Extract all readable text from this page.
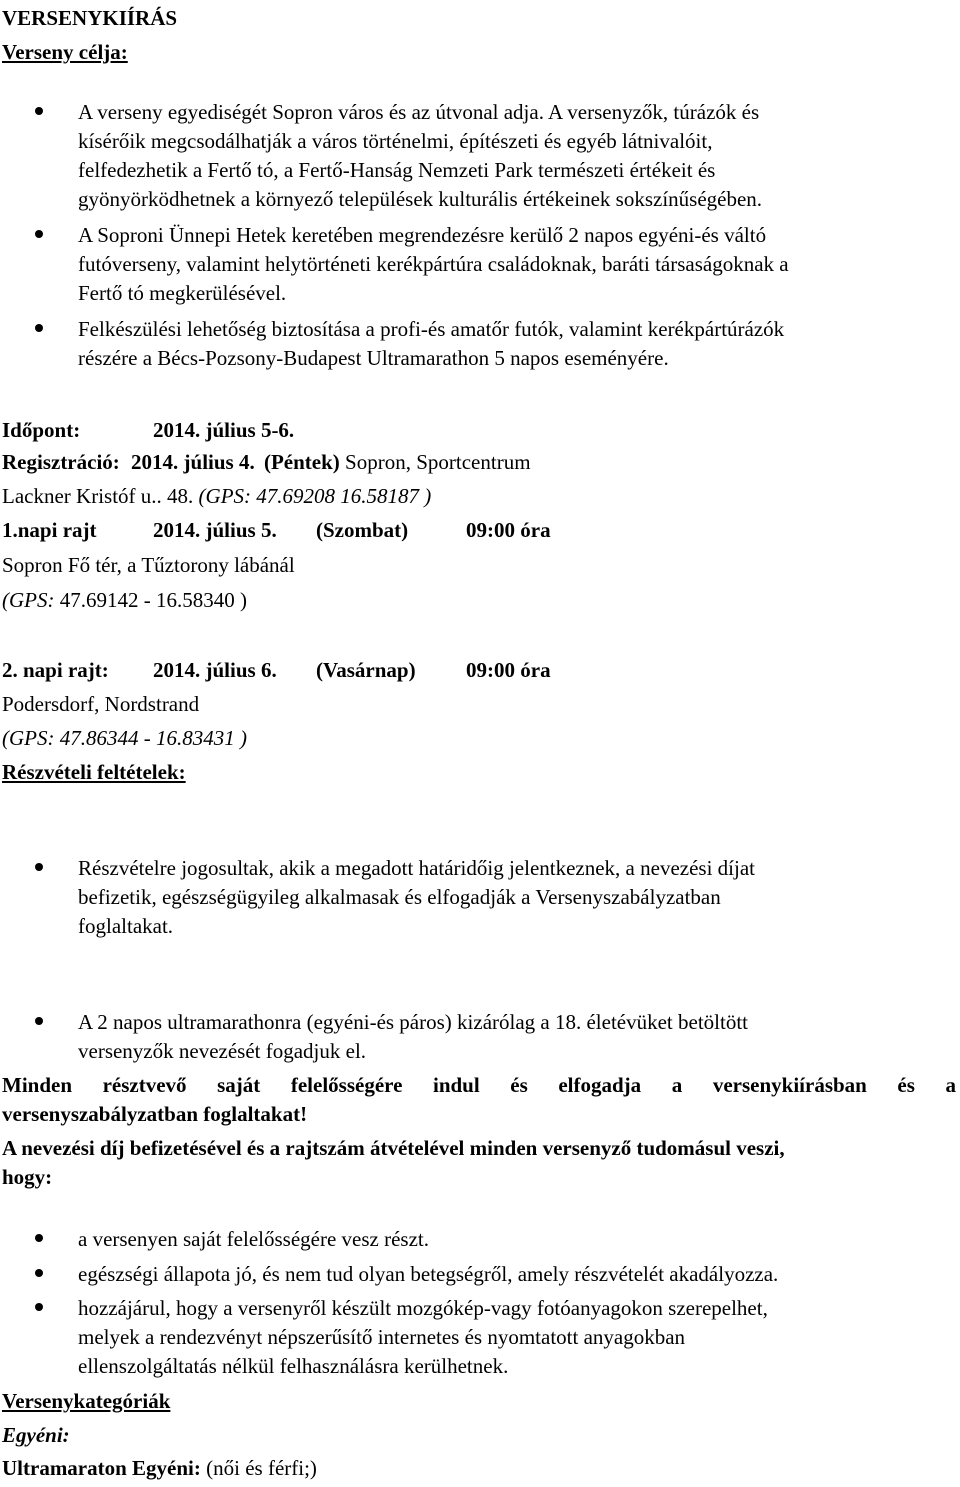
VERSENYKIÍRÁS
Verseny célja:
A verseny egyediségét Sopron város és az útvonal adja. A versenyzők, túrázók és
kísérőik megcsodálhatják a város történelmi, építészeti és egyéb látnivalóit,
felfedezhetik a Fertő tó, a Fertő-Hanság Nemzeti Park természeti értékeit és
gyönyörködhetnek a környező települések kulturális értékeinek sokszínűségében.
A Soproni Ünnepi Hetek keretében megrendezésre kerülő 2 napos egyéni-és váltó
futóverseny, valamint helytörténeti kerékpártúra családoknak, baráti társaságoknak a
Fertő tó megkerülésével.
Felkészülési lehetőség biztosítása a profi-és amatőr futók, valamint kerékpártúrázók
részére a Bécs-Pozsony-Budapest Ultramarathon 5 napos eseményére.
Időpont:	2014. július 5-6.
Regisztráció: 2014. július 4. (Péntek) Sopron, Sportcentrum
Lackner Kristóf u.. 48. (GPS: 47.69208 16.58187 )
1.napi rajt	2014. július 5. (Szombat)	09:00 óra
Sopron Fő tér, a Tűztorony lábánál
(GPS: 47.69142 - 16.58340 )
2. napi rajt: 2014. július 6. (Vasárnap) 09:00 óra
Podersdorf, Nordstrand
(GPS: 47.86344 - 16.83431 )
Részvételi feltételek:
Részvételre jogosultak, akik a megadott határidőig jelentkeznek, a nevezési díjat
befizetik, egészségügyileg alkalmasak és elfogadják a Versenyszabályzatban
foglaltakat.
A 2 napos ultramarathonra (egyéni-és páros) kizárólag a 18. életévüket betöltött
versenyzők nevezését fogadjuk el.
Minden résztvevő saját felelősségére indul és elfogadja a versenykiírásban és a
versenyszabályzatban foglaltakat!
A nevezési díj befizetésével és a rajtszám átvételével minden versenyző tudomásul veszi,
hogy:
a versenyen saját felelősségére vesz részt.
egészségi állapota jó, és nem tud olyan betegségről, amely részvételét akadályozza.
hozzájárul, hogy a versenyről készült mozgókép-vagy fotóanyagokon szerepelhet,
melyek a rendezvényt népszerűsítő internetes és nyomtatott anyagokban
ellenszolgáltatás nélkül felhasználásra kerülhetnek.
Versenykategóriák
Egyéni:
Ultramaraton Egyéni: (női és férfi;)
